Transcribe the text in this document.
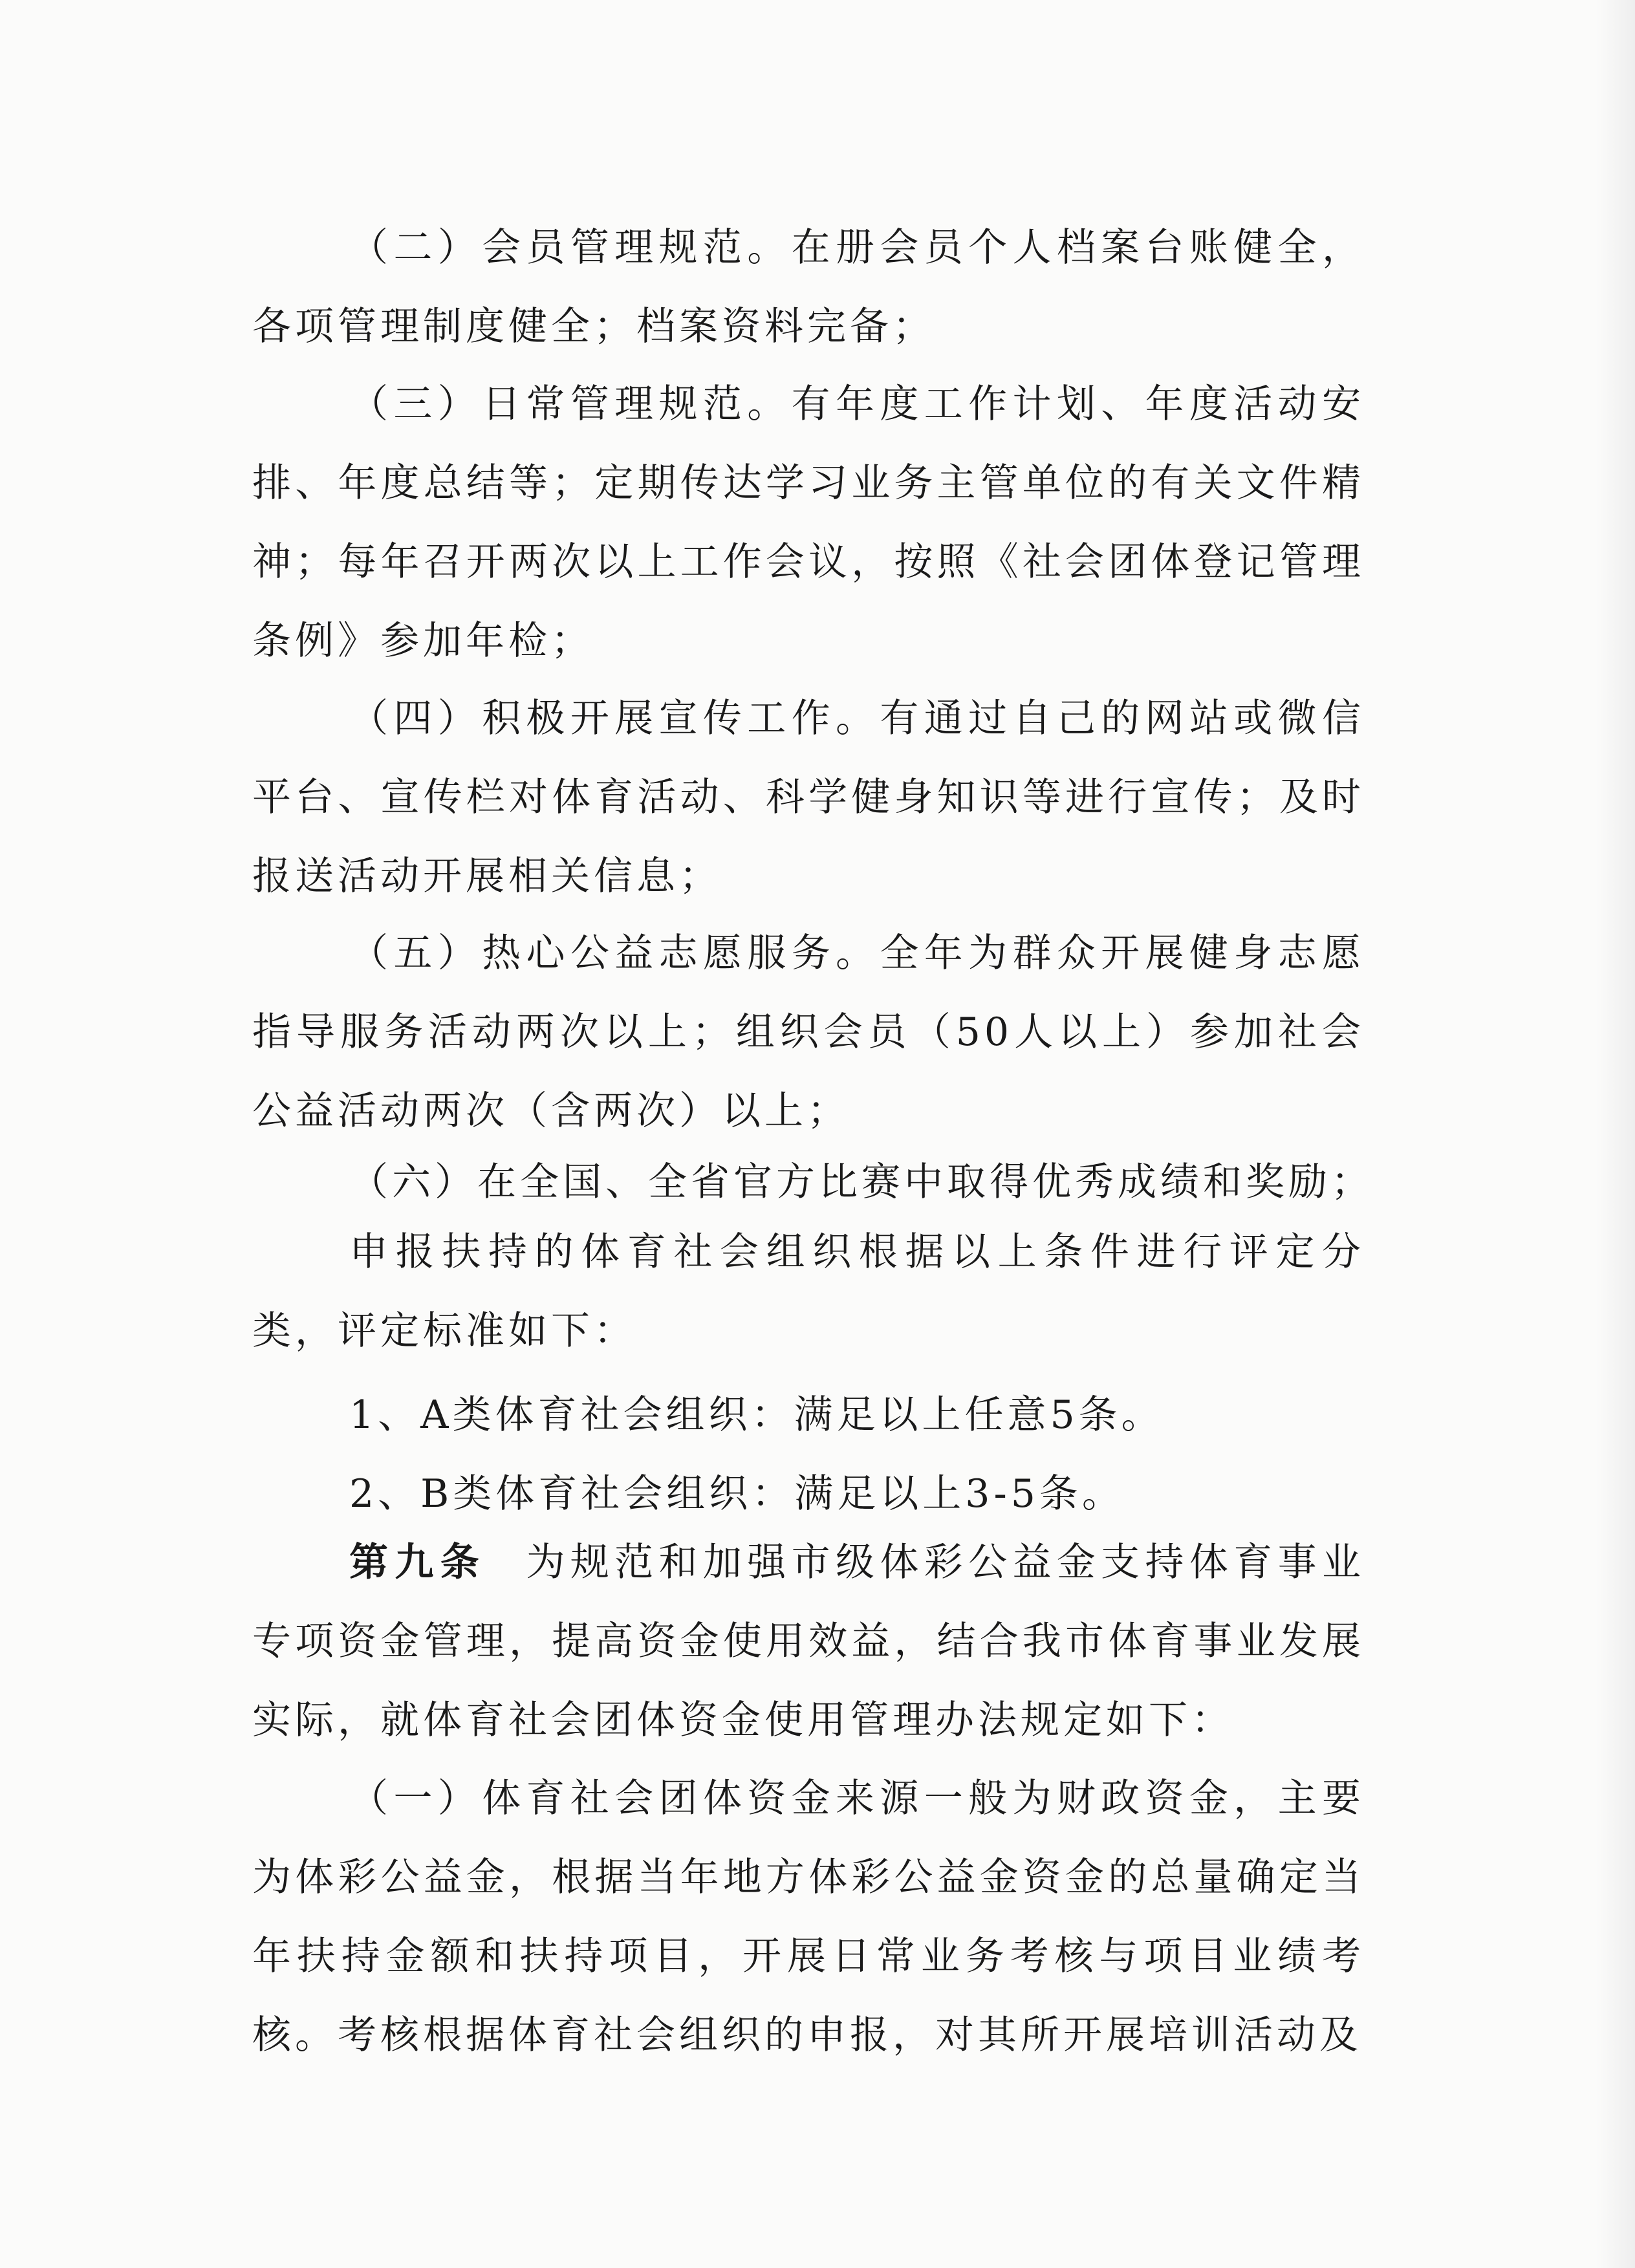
（二）会员管理规范。在册会员个人档案台账健全，各项管理制度健全；档案资料完备；

（三）日常管理规范。有年度工作计划、年度活动安排、年度总结等；定期传达学习业务主管单位的有关文件精神；每年召开两次以上工作会议，按照《社会团体登记管理条例》参加年检；

（四）积极开展宣传工作。有通过自己的网站或微信平台、宣传栏对体育活动、科学健身知识等进行宣传；及时报送活动开展相关信息；

（五）热心公益志愿服务。全年为群众开展健身志愿指导服务活动两次以上；组织会员（50人以上）参加社会公益活动两次（含两次）以上；

（六）在全国、全省官方比赛中取得优秀成绩和奖励；

申报扶持的体育社会组织根据以上条件进行评定分类，评定标准如下：

1、A类体育社会组织：满足以上任意5条。
2、B类体育社会组织：满足以上3-5条。

第九条 为规范和加强市级体彩公益金支持体育事业专项资金管理，提高资金使用效益，结合我市体育事业发展实际，就体育社会团体资金使用管理办法规定如下：

（一）体育社会团体资金来源一般为财政资金，主要为体彩公益金，根据当年地方体彩公益金资金的总量确定当年扶持金额和扶持项目，开展日常业务考核与项目业绩考核。考核根据体育社会组织的申报，对其所开展培训活动及
